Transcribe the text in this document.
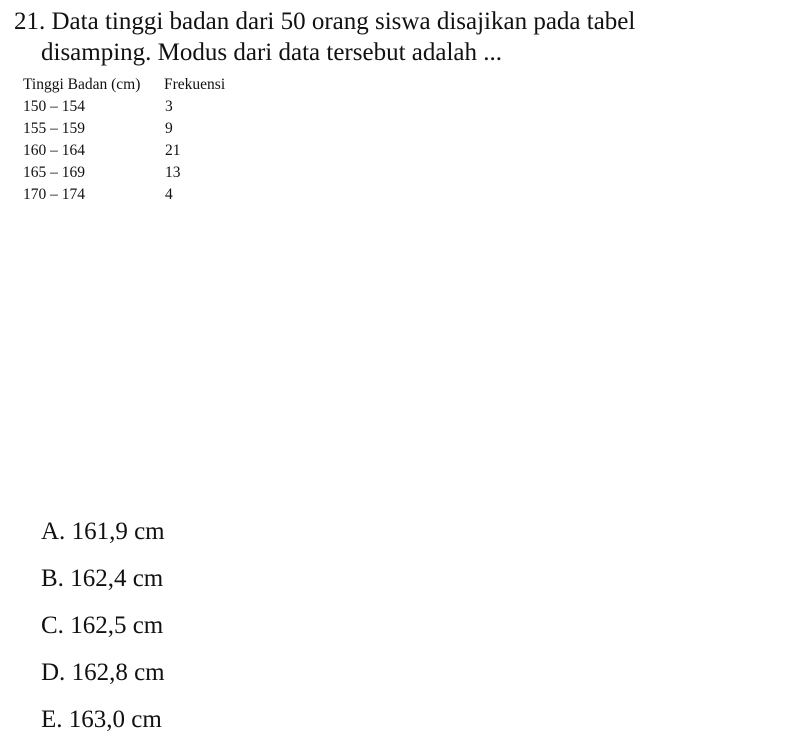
21. Data tinggi badan dari 50 orang siswa disajikan pada tabel
disamping. Modus dari data tersebut adalah ...
Tinggi Badan (cm)	Frekuensi
150 – 154	3
155 – 159	9
160 – 164	21
165 – 169	13
170 – 174	4
A. 161,9 cm
B. 162,4 cm
C. 162,5 cm
D. 162,8 cm
E. 163,0 cm
